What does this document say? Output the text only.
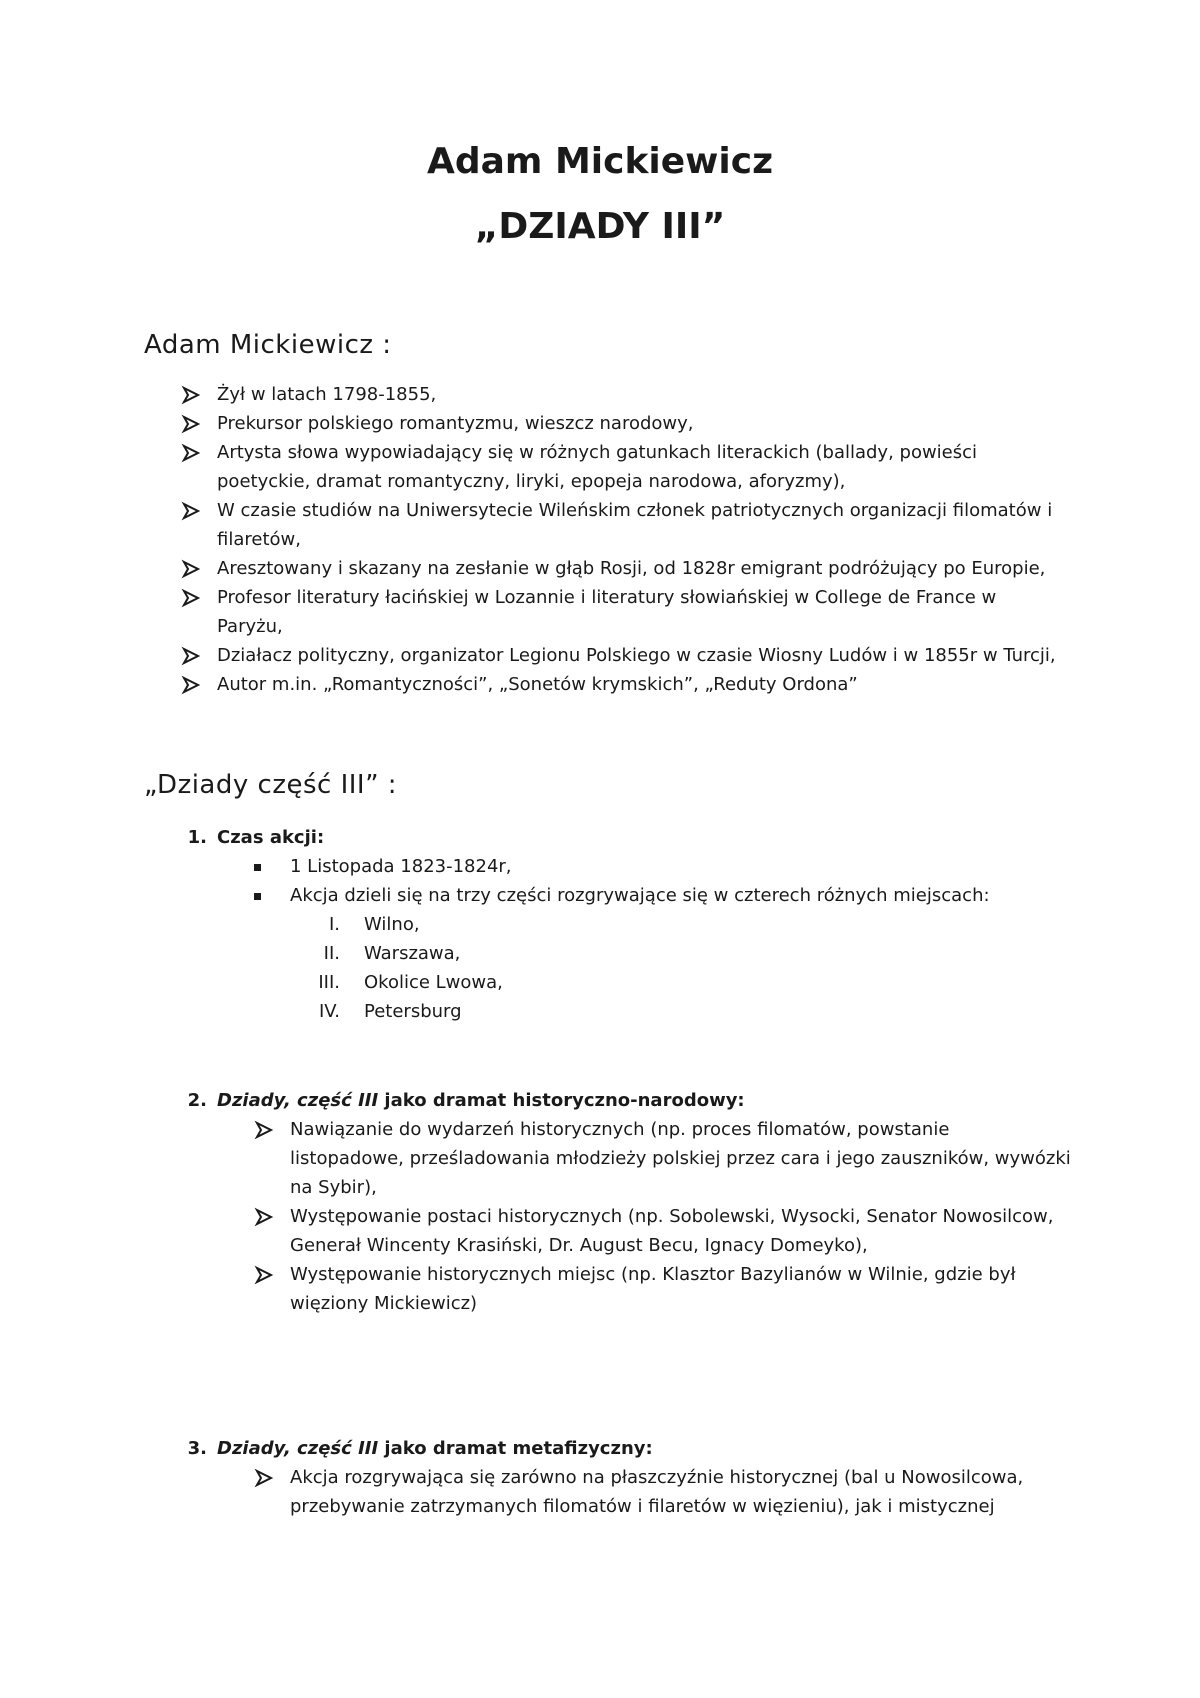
Adam Mickiewicz
„DZIADY III”
Adam Mickiewicz :
Żył w latach 1798-1855,
Prekursor polskiego romantyzmu, wieszcz narodowy,
Artysta słowa wypowiadający się w różnych gatunkach literackich (ballady, powieści
poetyckie, dramat romantyczny, liryki, epopeja narodowa, aforyzmy),
W czasie studiów na Uniwersytecie Wileńskim członek patriotycznych organizacji filomatów i
filaretów,
Aresztowany i skazany na zesłanie w głąb Rosji, od 1828r emigrant podróżujący po Europie,
Profesor literatury łacińskiej w Lozannie i literatury słowiańskiej w College de France w
Paryżu,
Działacz polityczny, organizator Legionu Polskiego w czasie Wiosny Ludów i w 1855r w Turcji,
Autor m.in. „Romantyczności”, „Sonetów krymskich”, „Reduty Ordona”
„Dziady część III” :
1. Czas akcji:
1 Listopada 1823-1824r,
Akcja dzieli się na trzy części rozgrywające się w czterech różnych miejscach:
I. Wilno,
II. Warszawa,
III. Okolice Lwowa,
IV. Petersburg
2. Dziady, część III jako dramat historyczno-narodowy:
Nawiązanie do wydarzeń historycznych (np. proces filomatów, powstanie
listopadowe, prześladowania młodzieży polskiej przez cara i jego zauszników, wywózki
na Sybir),
Występowanie postaci historycznych (np. Sobolewski, Wysocki, Senator Nowosilcow,
Generał Wincenty Krasiński, Dr. August Becu, Ignacy Domeyko),
Występowanie historycznych miejsc (np. Klasztor Bazylianów w Wilnie, gdzie był
więziony Mickiewicz)
3. Dziady, część III jako dramat metafizyczny:
Akcja rozgrywająca się zarówno na płaszczyźnie historycznej (bal u Nowosilcowa,
przebywanie zatrzymanych filomatów i filaretów w więzieniu), jak i mistycznej
